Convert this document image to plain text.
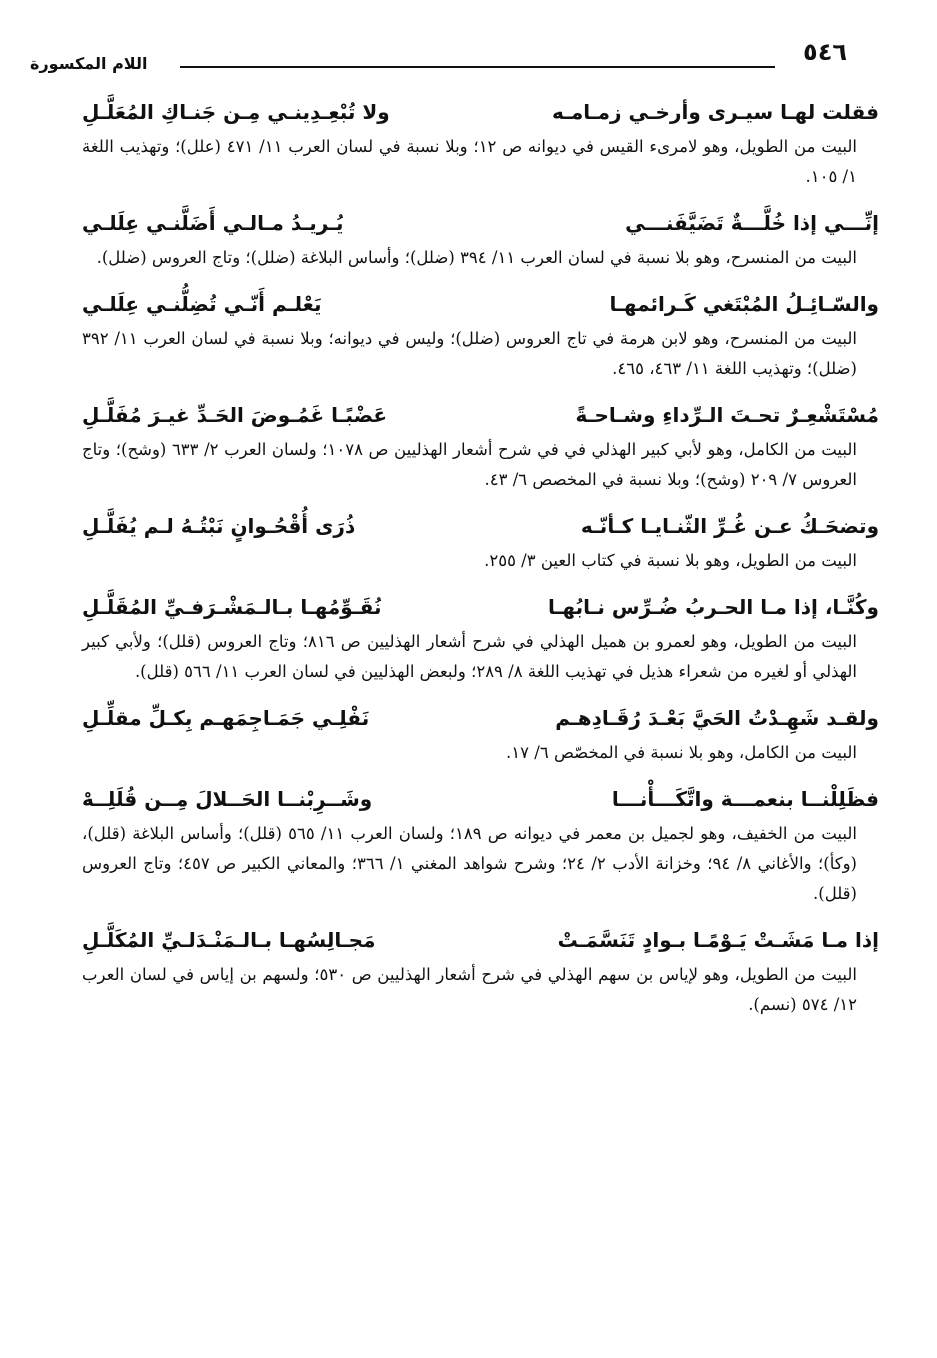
٥٤٦
اللام المكسورة
فقلت لهـا سيـرى وأرخـي زمـامـه
ولا تُبْعِـدِينـي مِـن جَنـاكِ المُعَلَّـلِ

البيت من الطويل، وهو لامرىء القيس في ديوانه ص ١٢؛ وبلا نسبة في لسان العرب ١١/ ٤٧١ (علل)؛ وتهذيب اللغة ١/ ١٠٥.

إنِّـــي إذا خُلَّـــةٌ تَضَيَّفَنـــي
يُـريـدُ مـالـي أَضَلَّنـي عِلَلـي

البيت من المنسرح، وهو بلا نسبة في لسان العرب ١١/ ٣٩٤ (ضلل)؛ وأساس البلاغة (ضلل)؛ وتاج العروس (ضلل).

والسّـائِـلُ المُبْتَغي كَـرائمهـا
يَعْلـم أَنّـي تُضِلُّنـي عِلَلـي

البيت من المنسرح، وهو لابن هرمة في تاج العروس (ضلل)؛ وليس في ديوانه؛ وبلا نسبة في لسان العرب ١١/ ٣٩٢ (ضلل)؛ وتهذيب اللغة ١١/ ٤٦٣، ٤٦٥.

مُسْتَشْعِـرٌ تحـتَ الـرِّداءِ وشـاحـةً
عَضْبًـا غَمُـوضَ الحَـدِّ غيـرَ مُفَلَّـلِ

البيت من الكامل، وهو لأبي كبير الهذلي في في شرح أشعار الهذليين ص ١٠٧٨؛ ولسان العرب ٢/ ٦٣٣ (وشح)؛ وتاج العروس ٧/ ٢٠٩ (وشح)؛ وبلا نسبة في المخصص ٦/ ٤٣.

وتضحَـكُ عـن غُـرِّ الثّنـايـا كـأنّـه
ذُرَى أُقْحُـوانٍ نَبْتُـهُ لـم يُفَلَّـلِ

البيت من الطويل، وهو بلا نسبة في كتاب العين ٣/ ٢٥٥.

وكُنَّـا، إذا مـا الحـربُ ضُـرِّس نـابُهـا
نُقَـوِّمُهـا بـالـمَشْـرَفـيِّ المُقَلَّـلِ

البيت من الطويل، وهو لعمرو بن هميل الهذلي في شرح أشعار الهذليين ص ٨١٦؛ وتاج العروس (قلل)؛ ولأبي كبير الهذلي أو لغيره من شعراء هذيل في تهذيب اللغة ٨/ ٢٨٩؛ ولبعض الهذليين في لسان العرب ١١/ ٥٦٦ (قلل).

ولقـد شَهِـدْتُ الحَيَّ بَعْـدَ رُقَـادِهـم
نَفْلِـي جَمَـاجِمَهـم بِكـلِّ مقلِّـلِ

البيت من الكامل، وهو بلا نسبة في المخصّص ٦/ ١٧.

فظَلِلْنــا بنعمـــة واتَّكَـــأْنـــا
وشَــرِبْنــا الحَــلالَ مِــن قُلَلِــهْ

البيت من الخفيف، وهو لجميل بن معمر في ديوانه ص ١٨٩؛ ولسان العرب ١١/ ٥٦٥ (قلل)؛ وأساس البلاغة (قلل)، (وكأ)؛ والأغاني ٨/ ٩٤؛ وخزانة الأدب ٢/ ٢٤؛ وشرح شواهد المغني ١/ ٣٦٦؛ والمعاني الكبير ص ٤٥٧؛ وتاج العروس (قلل).

إذا مـا مَشَـتْ يَـوْمًـا بـوادٍ تَنَسَّمَـتْ
مَجـالِسُهـا بـالـمَنْـدَلـيِّ المُكَلَّـلِ

البيت من الطويل، وهو لإياس بن سهم الهذلي في شرح أشعار الهذليين ص ٥٣٠؛ ولسهم بن إياس في لسان العرب ١٢/ ٥٧٤ (نسم).
